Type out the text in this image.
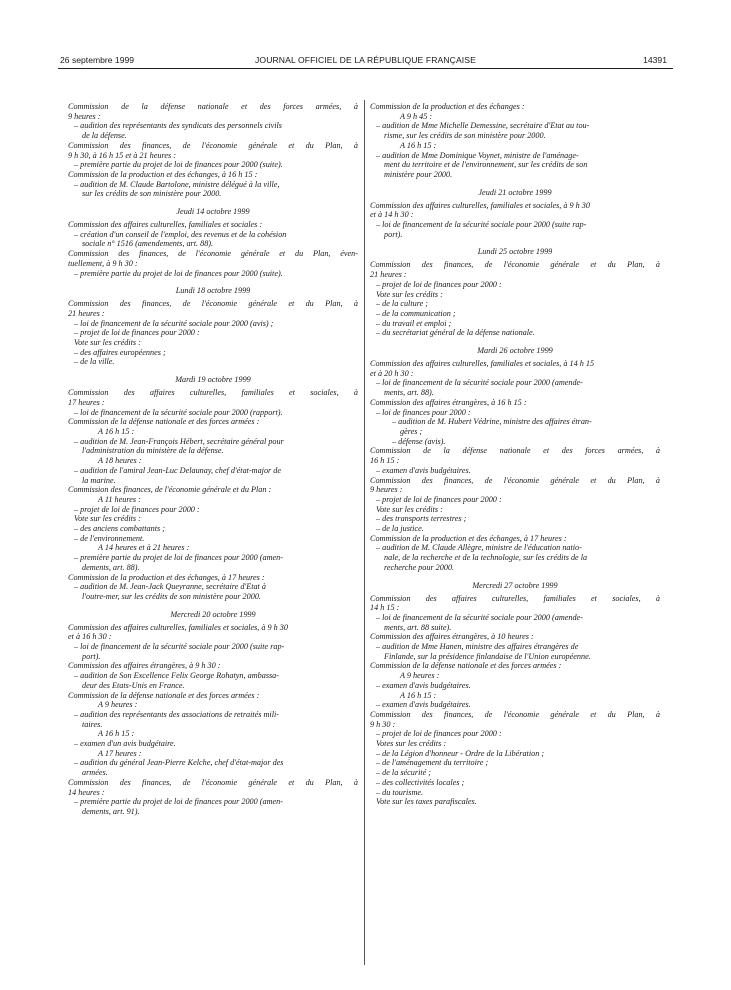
26 septembre 1999	JOURNAL OFFICIEL DE LA RÉPUBLIQUE FRANÇAISE	14391
Commission de la défense nationale et des forces armées, à
9 heures :
– audition des représentants des syndicats des personnels civils
de la défense.
Commission des finances, de l'économie générale et du Plan, à
9 h 30, à 16 h 15 et à 21 heures :
– première partie du projet de loi de finances pour 2000 (suite).
Commission de la production et des échanges, à 16 h 15 :
– audition de M. Claude Bartolone, ministre délégué à la ville,
sur les crédits de son ministère pour 2000.
Jeudi 14 octobre 1999
Commission des affaires culturelles, familiales et sociales :
– création d'un conseil de l'emploi, des revenus et de la cohésion
sociale n° 1516 (amendements, art. 88).
Commission des finances, de l'économie générale et du Plan, éven-
tuellement, à 9 h 30 :
– première partie du projet de loi de finances pour 2000 (suite).
Lundi 18 octobre 1999
Commission des finances, de l'économie générale et du Plan, à
21 heures :
– loi de financement de la sécurité sociale pour 2000 (avis) ;
– projet de loi de finances pour 2000 :
Vote sur les crédits :
– des affaires européennes ;
– de la ville.
Mardi 19 octobre 1999
Commission des affaires culturelles, familiales et sociales, à
17 heures :
– loi de financement de la sécurité sociale pour 2000 (rapport).
Commission de la défense nationale et des forces armées :
A 16 h 15 :
– audition de M. Jean-François Hébert, secrétaire général pour
l'administration du ministère de la défense.
A 18 heures :
– audition de l'amiral Jean-Luc Delaunay, chef d'état-major de
la marine.
Commission des finances, de l'économie générale et du Plan :
A 11 heures :
– projet de loi de finances pour 2000 :
Vote sur les crédits :
– des anciens combattants ;
– de l'environnement.
A 14 heures et à 21 heures :
– première partie du projet de loi de finances pour 2000 (amen-
dements, art. 88).
Commission de la production et des échanges, à 17 heures :
– audition de M. Jean-Jack Queyranne, secrétaire d'Etat à
l'outre-mer, sur les crédits de son ministère pour 2000.
Mercredi 20 octobre 1999
Commission des affaires culturelles, familiales et sociales, à 9 h 30
et à 16 h 30 :
– loi de financement de la sécurité sociale pour 2000 (suite rap-
port).
Commission des affaires étrangères, à 9 h 30 :
– audition de Son Excellence Felix George Rohatyn, ambassa-
deur des Etats-Unis en France.
Commission de la défense nationale et des forces armées :
A 9 heures :
– audition des représentants des associations de retraités mili-
taires.
A 16 h 15 :
– examen d'un avis budgétaire.
A 17 heures :
– audition du général Jean-Pierre Kelche, chef d'état-major des
armées.
Commission des finances, de l'économie générale et du Plan, à
14 heures :
– première partie du projet de loi de finances pour 2000 (amen-
dements, art. 91).
Commission de la production et des échanges :
A 9 h 45 :
– audition de Mme Michelle Demessine, secrétaire d'Etat au tou-
risme, sur les crédits de son ministère pour 2000.
A 16 h 15 :
– audition de Mme Dominique Voynet, ministre de l'aménage-
ment du territoire et de l'environnement, sur les crédits de son
ministère pour 2000.
Jeudi 21 octobre 1999
Commission des affaires culturelles, familiales et sociales, à 9 h 30
et à 14 h 30 :
– loi de financement de la sécurité sociale pour 2000 (suite rap-
port).
Lundi 25 octobre 1999
Commission des finances, de l'économie générale et du Plan, à
21 heures :
– projet de loi de finances pour 2000 :
Vote sur les crédits :
– de la culture ;
– de la communication ;
– du travail et emploi ;
– du secrétariat général de la défense nationale.
Mardi 26 octobre 1999
Commission des affaires culturelles, familiales et sociales, à 14 h 15
et à 20 h 30 :
– loi de financement de la sécurité sociale pour 2000 (amende-
ments, art. 88).
Commission des affaires étrangères, à 16 h 15 :
– loi de finances pour 2000 :
– audition de M. Hubert Védrine, ministre des affaires étran-
gères ;
– défense (avis).
Commission de la défense nationale et des forces armées, à
16 h 15 :
– examen d'avis budgétaires.
Commission des finances, de l'économie générale et du Plan, à
9 heures :
– projet de loi de finances pour 2000 :
Vote sur les crédits :
– des transports terrestres ;
– de la justice.
Commission de la production et des échanges, à 17 heures :
– audition de M. Claude Allègre, ministre de l'éducation natio-
nale, de la recherche et de la technologie, sur les crédits de la
recherche pour 2000.
Mercredi 27 octobre 1999
Commission des affaires culturelles, familiales et sociales, à
14 h 15 :
– loi de financement de la sécurité sociale pour 2000 (amende-
ments, art. 88 suite).
Commission des affaires étrangères, à 10 heures :
– audition de Mme Hanen, ministre des affaires étrangères de
Finlande, sur la présidence finlandaise de l'Union européenne.
Commission de la défense nationale et des forces armées :
A 9 heures :
– examen d'avis budgétaires.
A 16 h 15 :
– examen d'avis budgétaires.
Commission des finances, de l'économie générale et du Plan, à
9 h 30 :
– projet de loi de finances pour 2000 :
Votes sur les crédits :
– de la Légion d'honneur - Ordre de la Libération ;
– de l'aménagement du territoire ;
– de la sécurité ;
– des collectivités locales ;
– du tourisme.
Vote sur les taxes parafiscales.
